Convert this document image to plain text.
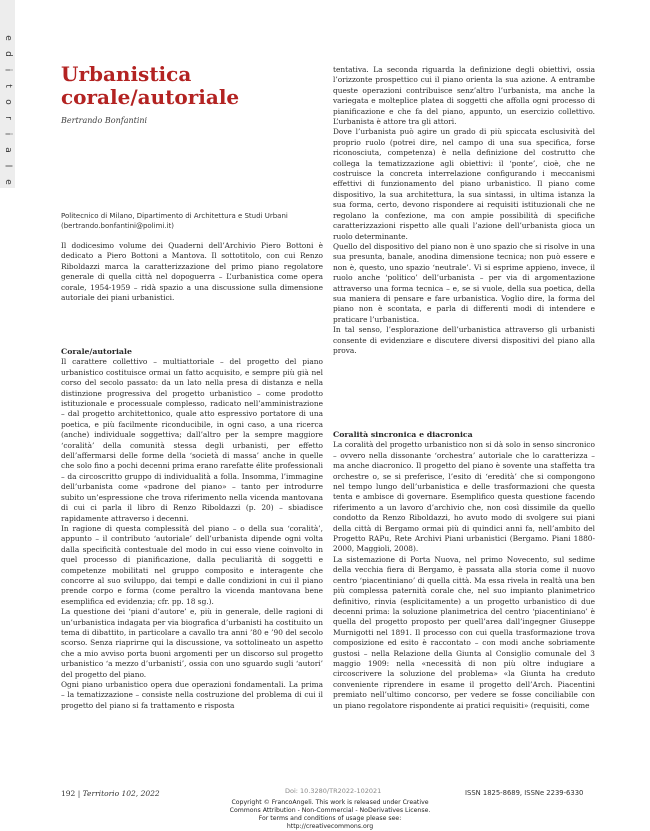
e
d
i
t
o
r
i
a
l
e
Urbanistica corale/autoriale
Bertrando Bonfantini
Politecnico di Milano, Dipartimento di Architettura e Studi Urbani
(bertrando.bonfantini@polimi.it)

Il dodicesimo volume dei Quaderni dell’Archivio Piero Bottoni è dedicato a Piero Bottoni a Mantova. Il sottotitolo, con cui Renzo Riboldazzi marca la caratterizzazione del primo piano regolatore generale di quella città nel dopoguerra – L’urbanistica come opera corale, 1954-1959 – ridà spazio a una discussione sulla dimensione autoriale dei piani urbanistici.

Corale/autoriale

Il carattere collettivo – multiattoriale – del progetto del piano urbanistico costituisce ormai un fatto acquisito, e sempre più già nel corso del secolo passato: da un lato nella presa di distanza e nella distinzione progressiva del progetto urbanistico – come prodotto istituzionale e processuale complesso, radicato nell’amministrazione – dal progetto architettonico, quale atto espressivo portatore di una poetica, e più facilmente riconducibile, in ogni caso, a una ricerca (anche) individuale soggettiva; dall’altro per la sempre maggiore ‘coralità’ della comunità stessa degli urbanisti, per effetto dell’affermarsi delle forme della ‘società di massa’ anche in quelle che solo fino a pochi decenni prima erano rarefatte élite professionali – da circoscritto gruppo di individualità a folla. Insomma, l’immagine dell’urbanista come «padrone del piano» – tanto per introdurre subito un’espressione che trova riferimento nella vicenda mantovana di cui ci parla il libro di Renzo Riboldazzi (p. 20) – sbiadisce rapidamente attraverso i decenni.

In ragione di questa complessità del piano – o della sua ‘coralità’, appunto – il contributo ‘autoriale’ dell’urbanista dipende ogni volta dalla specificità contestuale del modo in cui esso viene coinvolto in quel processo di pianificazione, dalla peculiarità di soggetti e competenze mobilitati nel gruppo composito e interagente che concorre al suo sviluppo, dai tempi e dalle condizioni in cui il piano prende corpo e forma (come peraltro la vicenda mantovana bene esemplifica ed evidenzia; cfr. pp. 18 sg.).

La questione dei ‘piani d’autore’ e, più in generale, delle ragioni di un’urbanistica indagata per via biografica d’urbanisti ha costituito un tema di dibattito, in particolare a cavallo tra anni ’80 e ’90 del secolo scorso. Senza riaprirne qui la discussione, va sottolineato un aspetto che a mio avviso porta buoni argomenti per un discorso sul progetto urbanistico ‘a mezzo d’urbanisti’, ossia con uno sguardo sugli ‘autori’ del progetto del piano.

Ogni piano urbanistico opera due operazioni fondamentali. La prima – la tematizzazione – consiste nella costruzione del problema di cui il progetto del piano si fa trattamento e risposta

tentativa. La seconda riguarda la definizione degli obiettivi, ossia l’orizzonte prospettico cui il piano orienta la sua azione. A entrambe queste operazioni contribuisce senz’altro l’urbanista, ma anche la variegata e molteplice platea di soggetti che affolla ogni processo di pianificazione e che fa del piano, appunto, un esercizio collettivo. L’urbanista è attore tra gli attori.

Dove l’urbanista può agire un grado di più spiccata esclusività del proprio ruolo (potrei dire, nel campo di una sua specifica, forse riconosciuta, competenza) è nella definizione del costrutto che collega la tematizzazione agli obiettivi: il ‘ponte’, cioè, che ne costruisce la concreta interrelazione configurando i meccanismi effettivi di funzionamento del piano urbanistico. Il piano come dispositivo, la sua architettura, la sua sintassi, in ultima istanza la sua forma, certo, devono rispondere ai requisiti istituzionali che ne regolano la confezione, ma con ampie possibilità di specifiche caratterizzazioni rispetto alle quali l’azione dell’urbanista gioca un ruolo determinante.

Quello del dispositivo del piano non è uno spazio che si risolve in una sua presunta, banale, anodina dimensione tecnica; non può essere e non è, questo, uno spazio ‘neutrale’. Vi si esprime appieno, invece, il ruolo anche ‘politico’ dell’urbanista – per via di argomentazione attraverso una forma tecnica – e, se si vuole, della sua poetica, della sua maniera di pensare e fare urbanistica. Voglio dire, la forma del piano non è scontata, e parla di differenti modi di intendere e praticare l’urbanistica.

In tal senso, l’esplorazione dell’urbanistica attraverso gli urbanisti consente di evidenziare e discutere diversi dispositivi del piano alla prova.

Coralità sincronica e diacronica

La coralità del progetto urbanistico non si dà solo in senso sincronico – ovvero nella dissonante ‘orchestra’ autoriale che lo caratterizza – ma anche diacronico. Il progetto del piano è sovente una staffetta tra orchestre o, se si preferisce, l’esito di ‘eredità’ che si compongono nel tempo lungo dell’urbanistica e delle trasformazioni che questa tenta e ambisce di governare. Esemplifico questa questione facendo riferimento a un lavoro d’archivio che, non così dissimile da quello condotto da Renzo Riboldazzi, ho avuto modo di svolgere sui piani della città di Bergamo ormai più di quindici anni fa, nell’ambito del Progetto RAPu, Rete Archivi Piani urbanistici (Bergamo. Piani 1880-2000, Maggioli, 2008).

La sistemazione di Porta Nuova, nel primo Novecento, sul sedime della vecchia fiera di Bergamo, è passata alla storia come il nuovo centro ‘piacentiniano’ di quella città. Ma essa rivela in realtà una ben più complessa paternità corale che, nel suo impianto planimetrico definitivo, rinvia (esplicitamente) a un progetto urbanistico di due decenni prima: la soluzione planimetrica del centro ‘piacentiniano’ è quella del progetto proposto per quell’area dall’ingegner Giuseppe Murnigotti nel 1891. Il processo con cui quella trasformazione trova composizione ed esito è raccontato – con modi anche sobriamente gustosi – nella Relazione della Giunta al Consiglio comunale del 3 maggio 1909: nella «necessità di non più oltre indugiare a circoscrivere la soluzione del problema» «la Giunta ha creduto conveniente riprendere in esame il progetto dell’Arch. Piacentini premiato nell’ultimo concorso, per vedere se fosse conciliabile con un piano regolatore rispondente ai pratici requisiti» (requisiti, come

192 | Territorio 102, 2022	Doi: 10.3280/TR2022-102021	ISSN 1825-8689, ISSNe 2239-6330
Copyright © FrancoAngeli. This work is released under Creative
Commons Attribution - Non-Commercial - NoDerivatives License.
For terms and conditions of usage please see:
http://creativecommons.org
